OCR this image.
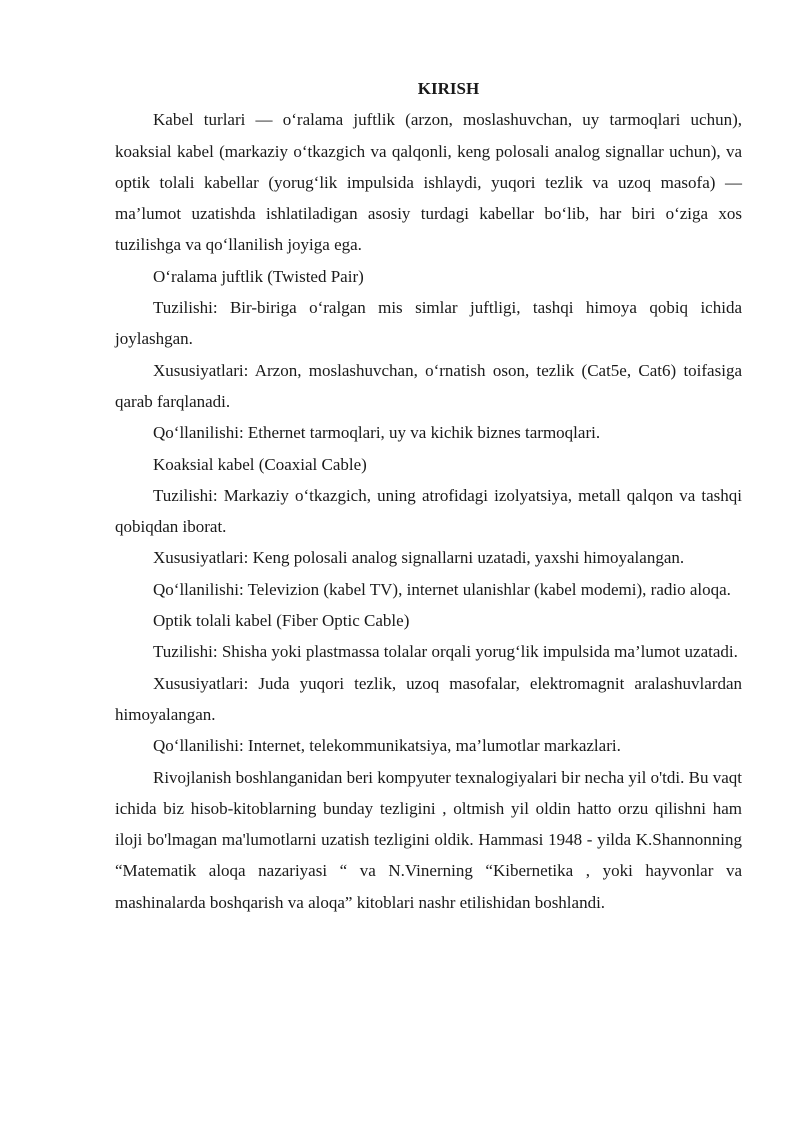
KIRISH

Kabel turlari — o‘ralama juftlik (arzon, moslashuvchan, uy tarmoqlari uchun), koaksial kabel (markaziy o‘tkazgich va qalqonli, keng polosali analog signallar uchun), va optik tolali kabellar (yorug‘lik impulsida ishlaydi, yuqori tezlik va uzoq masofa) — ma’lumot uzatishda ishlatiladigan asosiy turdagi kabellar bo‘lib, har biri o‘ziga xos tuzilishga va qo‘llanilish joyiga ega.

O‘ralama juftlik (Twisted Pair)

Tuzilishi: Bir-biriga o‘ralgan mis simlar juftligi, tashqi himoya qobiq ichida joylashgan.

Xususiyatlari: Arzon, moslashuvchan, o‘rnatish oson, tezlik (Cat5e, Cat6) toifasiga qarab farqlanadi.

Qo‘llanilishi: Ethernet tarmoqlari, uy va kichik biznes tarmoqlari.

Koaksial kabel (Coaxial Cable)

Tuzilishi: Markaziy o‘tkazgich, uning atrofidagi izolyatsiya, metall qalqon va tashqi qobiqdan iborat.

Xususiyatlari: Keng polosali analog signallarni uzatadi, yaxshi himoyalangan.

Qo‘llanilishi: Televizion (kabel TV), internet ulanishlar (kabel modemi), radio aloqa.

Optik tolali kabel (Fiber Optic Cable)

Tuzilishi: Shisha yoki plastmassa tolalar orqali yorug‘lik impulsida ma’lumot uzatadi.

Xususiyatlari: Juda yuqori tezlik, uzoq masofalar, elektromagnit aralashuvlardan himoyalangan.

Qo‘llanilishi: Internet, telekommunikatsiya, ma’lumotlar markazlari.

Rivojlanish boshlanganidan beri kompyuter texnalogiyalari bir necha yil o'tdi. Bu vaqt ichida biz hisob-kitoblarning bunday tezligini , oltmish yil oldin hatto orzu qilishni ham iloji bo'lmagan ma'lumotlarni uzatish tezligini oldik. Hammasi 1948 - yilda K.Shannonning “Matematik aloqa nazariyasi “ va N.Vinerning “Kibernetika , yoki hayvonlar va mashinalarda boshqarish va aloqa” kitoblari nashr etilishidan boshlandi.
